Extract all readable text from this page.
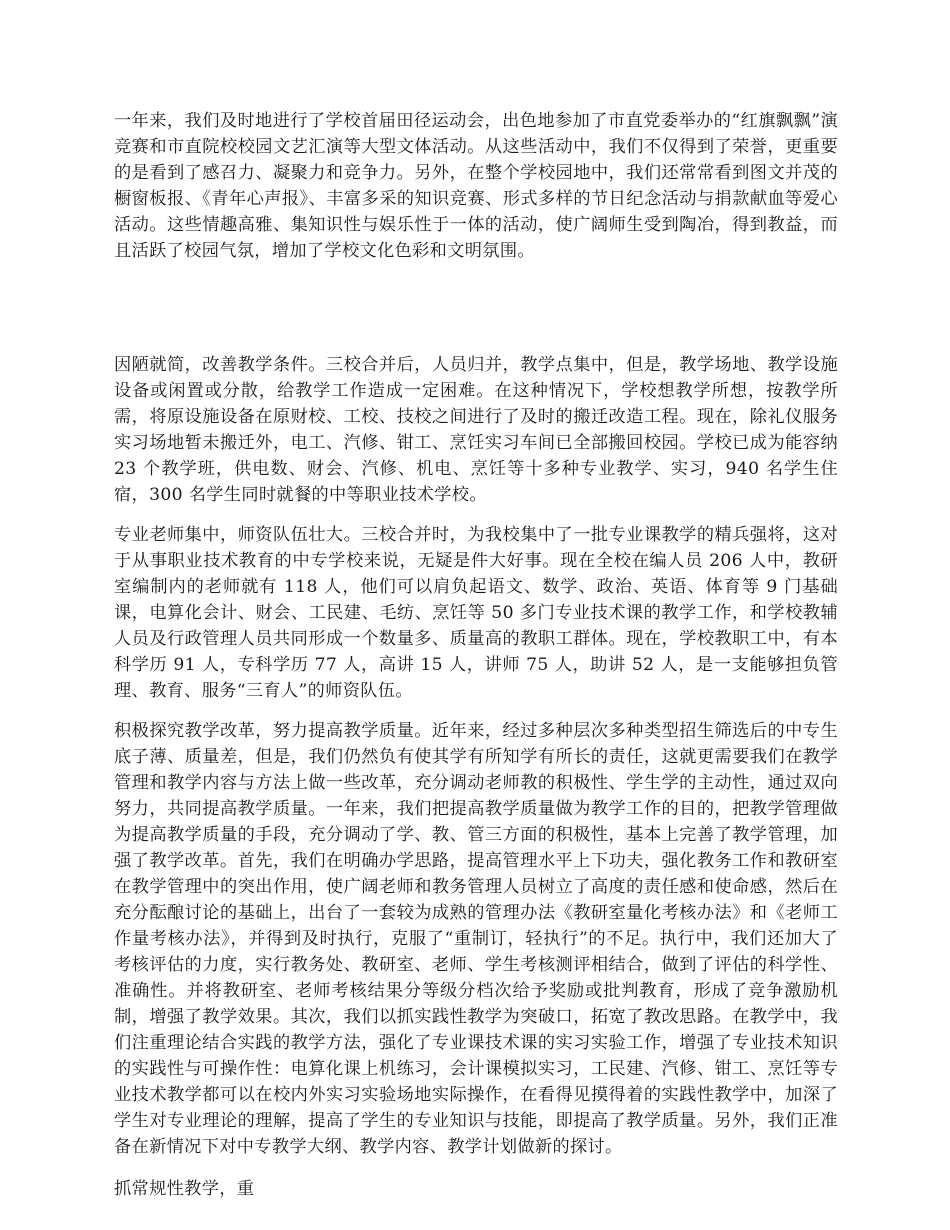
一年来，我们及时地进行了学校首届田径运动会，出色地参加了市直党委举办的“红旗飘飘”演竞赛和市直院校校园文艺汇演等大型文体活动。从这些活动中，我们不仅得到了荣誉，更重要的是看到了感召力、凝聚力和竞争力。另外，在整个学校园地中，我们还常常看到图文并茂的橱窗板报、《青年心声报》、丰富多采的知识竞赛、形式多样的节日纪念活动与捐款献血等爱心活动。这些情趣高雅、集知识性与娱乐性于一体的活动，使广阔师生受到陶冶，得到教益，而且活跃了校园气氛，增加了学校文化色彩和文明氛围。

因陋就简，改善教学条件。三校合并后，人员归并，教学点集中，但是，教学场地、教学设施设备或闲置或分散，给教学工作造成一定困难。在这种情况下，学校想教学所想，按教学所需，将原设施设备在原财校、工校、技校之间进行了及时的搬迁改造工程。现在，除礼仪服务实习场地暂未搬迁外，电工、汽修、钳工、烹饪实习车间已全部搬回校园。学校已成为能容纳 23 个教学班，供电数、财会、汽修、机电、烹饪等十多种专业教学、实习，940 名学生住宿，300 名学生同时就餐的中等职业技术学校。

专业老师集中，师资队伍壮大。三校合并时，为我校集中了一批专业课教学的精兵强将，这对于从事职业技术教育的中专学校来说，无疑是件大好事。现在全校在编人员 206 人中，教研室编制内的老师就有 118 人，他们可以肩负起语文、数学、政治、英语、体育等 9 门基础课，电算化会计、财会、工民建、毛纺、烹饪等 50 多门专业技术课的教学工作，和学校教辅人员及行政管理人员共同形成一个数量多、质量高的教职工群体。现在，学校教职工中，有本科学历 91 人，专科学历 77 人，高讲 15 人，讲师 75 人，助讲 52 人，是一支能够担负管理、教育、服务“三育人”的师资队伍。

积极探究教学改革，努力提高教学质量。近年来，经过多种层次多种类型招生筛选后的中专生底子薄、质量差，但是，我们仍然负有使其学有所知学有所长的责任，这就更需要我们在教学管理和教学内容与方法上做一些改革，充分调动老师教的积极性、学生学的主动性，通过双向努力，共同提高教学质量。一年来，我们把提高教学质量做为教学工作的目的，把教学管理做为提高教学质量的手段，充分调动了学、教、管三方面的积极性，基本上完善了教学管理，加强了教学改革。首先，我们在明确办学思路，提高管理水平上下功夫，强化教务工作和教研室在教学管理中的突出作用，使广阔老师和教务管理人员树立了高度的责任感和使命感，然后在充分酝酿讨论的基础上，出台了一套较为成熟的管理办法《教研室量化考核办法》和《老师工作量考核办法》，并得到及时执行，克服了“重制订，轻执行”的不足。执行中，我们还加大了考核评估的力度，实行教务处、教研室、老师、学生考核测评相结合，做到了评估的科学性、准确性。并将教研室、老师考核结果分等级分档次给予奖励或批判教育，形成了竞争激励机制，增强了教学效果。其次，我们以抓实践性教学为突破口，拓宽了教改思路。在教学中，我们注重理论结合实践的教学方法，强化了专业课技术课的实习实验工作，增强了专业技术知识的实践性与可操作性：电算化课上机练习，会计课模拟实习，工民建、汽修、钳工、烹饪等专业技术教学都可以在校内外实习实验场地实际操作，在看得见摸得着的实践性教学中，加深了学生对专业理论的理解，提高了学生的专业知识与技能，即提高了教学质量。另外，我们正准备在新情况下对中专教学大纲、教学内容、教学计划做新的探讨。

抓常规性教学，重
